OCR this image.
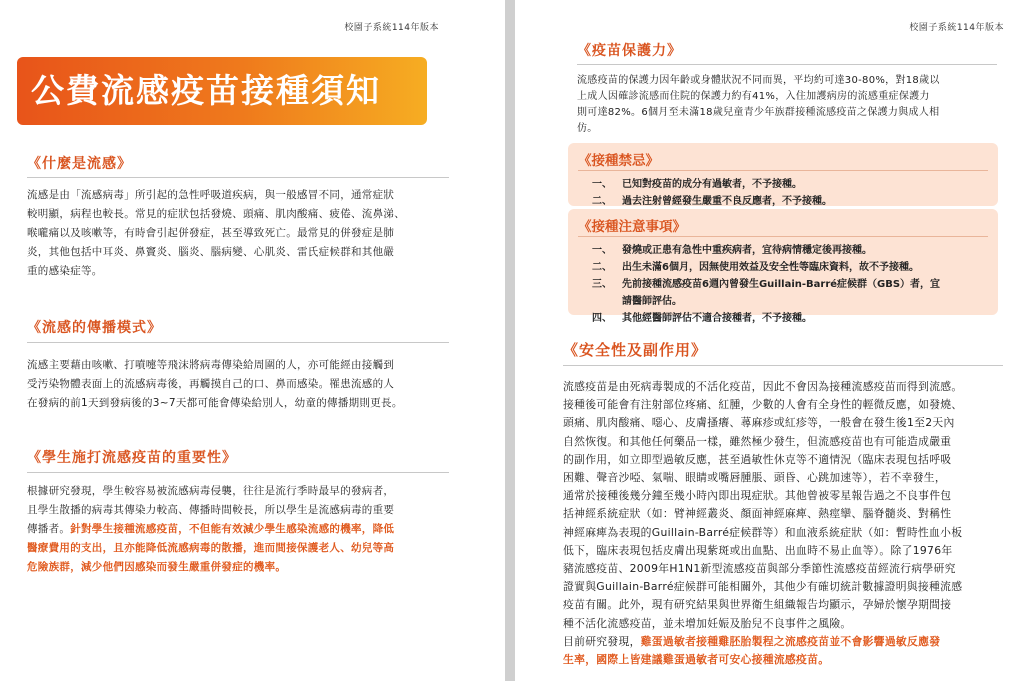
校園子系統114年版本
公費流感疫苗接種須知
《什麼是流感》
流感是由「流感病毒」所引起的急性呼吸道疾病，與一般感冒不同，通常症狀
較明顯，病程也較長。常見的症狀包括發燒、頭痛、肌肉酸痛、疲倦、流鼻涕、
喉嚨痛以及咳嗽等，有時會引起併發症，甚至導致死亡。最常見的併發症是肺
炎，其他包括中耳炎、鼻竇炎、腦炎、腦病變、心肌炎、雷氏症候群和其他嚴
重的感染症等。
《流感的傳播模式》
流感主要藉由咳嗽、打噴嚏等飛沫將病毒傳染給周圍的人，亦可能經由接觸到
受汚染物體表面上的流感病毒後，再觸摸自己的口、鼻而感染。罹患流感的人
在發病的前1天到發病後的3~7天都可能會傳染給別人，幼童的傳播期則更長。
《學生施打流感疫苗的重要性》
根據研究發現，學生較容易被流感病毒侵襲，往往是流行季時最早的發病者，
且學生散播的病毒其傳染力較高、傳播時間較長，所以學生是流感病毒的重要
傳播者。針對學生接種流感疫苗，不但能有效減少學生感染流感的機率，降低
醫療費用的支出，且亦能降低流感病毒的散播，進而間接保護老人、幼兒等高
危險族群，減少他們因感染而發生嚴重併發症的機率。
校園子系統114年版本
《疫苗保護力》
流感疫苗的保護力因年齡或身體狀況不同而異，平均約可達30-80%，對18歲以
上成人因確診流感而住院的保護力約有41%，入住加護病房的流感重症保護力
則可達82%。6個月至未滿18歲兒童青少年族群接種流感疫苗之保護力與成人相
仿。
《接種禁忌》
一、	已知對疫苗的成分有過敏者，不予接種。
二、	過去注射曾經發生嚴重不良反應者，不予接種。
《接種注意事項》
一、	發燒或正患有急性中重疾病者，宜待病情穩定後再接種。
二、	出生未滿6個月，因無使用效益及安全性等臨床資料，故不予接種。
三、	先前接種流感疫苗6週內曾發生Guillain-Barré症候群（GBS）者，宜
請醫師評估。
四、	其他經醫師評估不適合接種者，不予接種。
《安全性及副作用》
流感疫苗是由死病毒製成的不活化疫苗，因此不會因為接種流感疫苗而得到流感。
接種後可能會有注射部位疼痛、紅腫，少數的人會有全身性的輕微反應，如發燒、
頭痛、肌肉酸痛、噁心、皮膚搔癢、蕁麻疹或紅疹等，一般會在發生後1至2天內
自然恢復。和其他任何藥品一樣，雖然極少發生，但流感疫苗也有可能造成嚴重
的副作用，如立即型過敏反應，甚至過敏性休克等不適情況（臨床表現包括呼吸
困難、聲音沙啞、氣喘、眼睛或嘴唇腫脹、頭昏、心跳加速等），若不幸發生，
通常於接種後幾分鐘至幾小時內即出現症狀。其他曾被零星報告過之不良事件包
括神經系統症狀（如：臂神經叢炎、顏面神經麻痺、熱痙攣、腦脊髓炎、對稱性
神經麻痺為表現的Guillain-Barré症候群等）和血液系統症狀（如：暫時性血小板
低下，臨床表現包括皮膚出現紫斑或出血點、出血時不易止血等）。除了1976年
豬流感疫苗、2009年H1N1新型流感疫苗與部分季節性流感疫苗經流行病學研究
證實與Guillain-Barré症候群可能相關外，其他少有確切統計數據證明與接種流感
疫苗有關。此外，現有研究結果與世界衛生組織報告均顯示，孕婦於懷孕期間接
種不活化流感疫苗，並未增加妊娠及胎兒不良事件之風險。
目前研究發現，雞蛋過敏者接種雞胚胎製程之流感疫苗並不會影響過敏反應發
生率，國際上皆建議雞蛋過敏者可安心接種流感疫苗。
